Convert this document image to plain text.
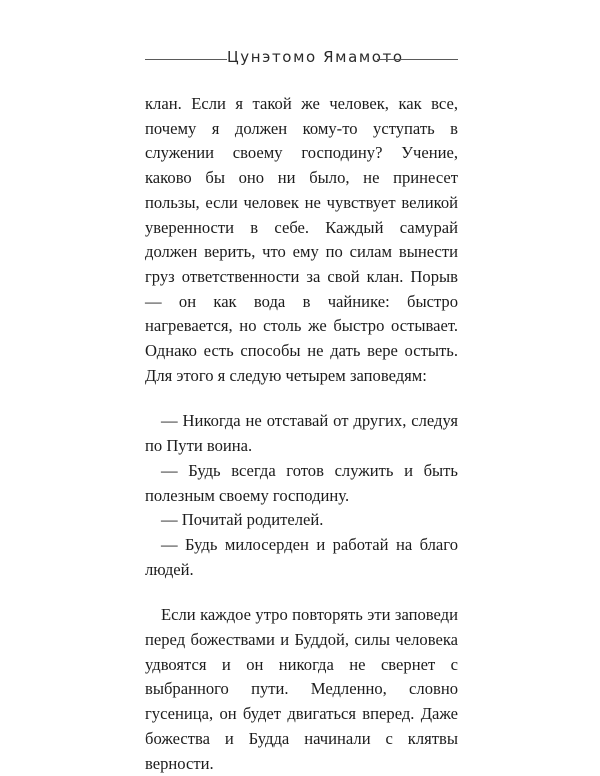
Цунэтомо Ямамото

клан. Если я такой же человек, как все, почему я должен кому-то уступать в служении своему господину? Учение, каково бы оно ни было, не принесет пользы, если человек не чувствует великой уверенности в себе. Каждый самурай должен верить, что ему по силам вынести груз ответственности за свой клан. Порыв — он как вода в чайнике: быстро нагревается, но столь же быстро остывает. Однако есть способы не дать вере остыть. Для этого я следую четырем заповедям:

— Никогда не отставай от других, следуя по Пути воина.

— Будь всегда готов служить и быть полезным своему господину.

— Почитай родителей.

— Будь милосерден и работай на благо людей.

Если каждое утро повторять эти заповеди перед божествами и Буддой, силы человека удвоятся и он никогда не свернет с выбранного пути. Медленно, словно гусеница, он будет двигаться вперед. Даже божества и Будда начинали с клятвы верности.
